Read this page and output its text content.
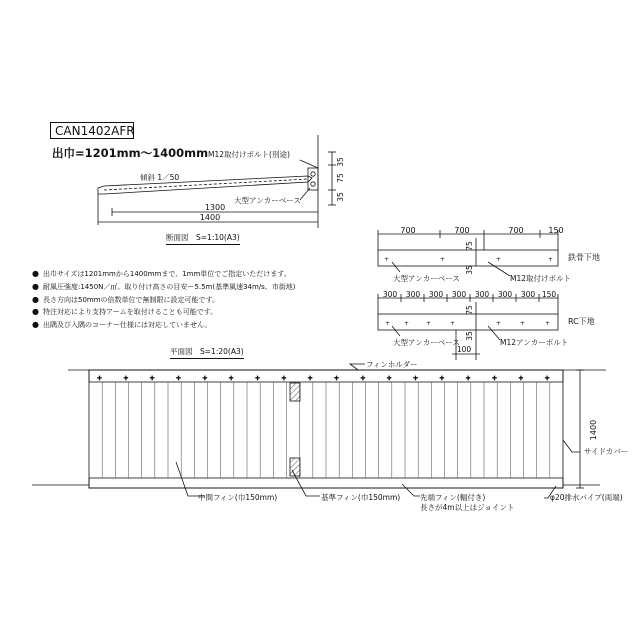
1300
1400
傾斜 1／50
M12取付けボルト(別途)
大型アンカーベース
35
75
35
+	+	+	+
700	700	700	150
75
35
鉄骨下地
大型アンカーベース	M12取付けボルト
+ +	+	+	+	+	+
300 300 300 300 300 300 300 150
75
35
100
RC下地
大型アンカーベース	M12アンカーボルト
+	+	+	+	+	+	+	+	+	+	+	+	+	+	+	+	+	+
フィンホルダー
1400
サイドカバー
中間フィン(巾150mm)	基準フィン(巾150mm)	先端フィン(輻付き)
長さが4m以上はジョイント
φ20排水パイプ(両端)
CAN1402AFR
出巾=1201mm～1400mm
断面図　S=1:10(A3)
平面図　S=1:20(A3)
● 出巾サイズは1201mmから1400mmまで、1mm単位でご指定いただけます。
● 耐風圧強度:1450N／㎡、取り付け高さの目安ー5.5m(基準風速34m/s、市街地)
● 長さ方向は50mmの倍数単位で無制限に設定可能です。
● 特注対応により支持アームを取付けることも可能です。
● 出隅及び入隅のコーナー仕様には対応していません。
